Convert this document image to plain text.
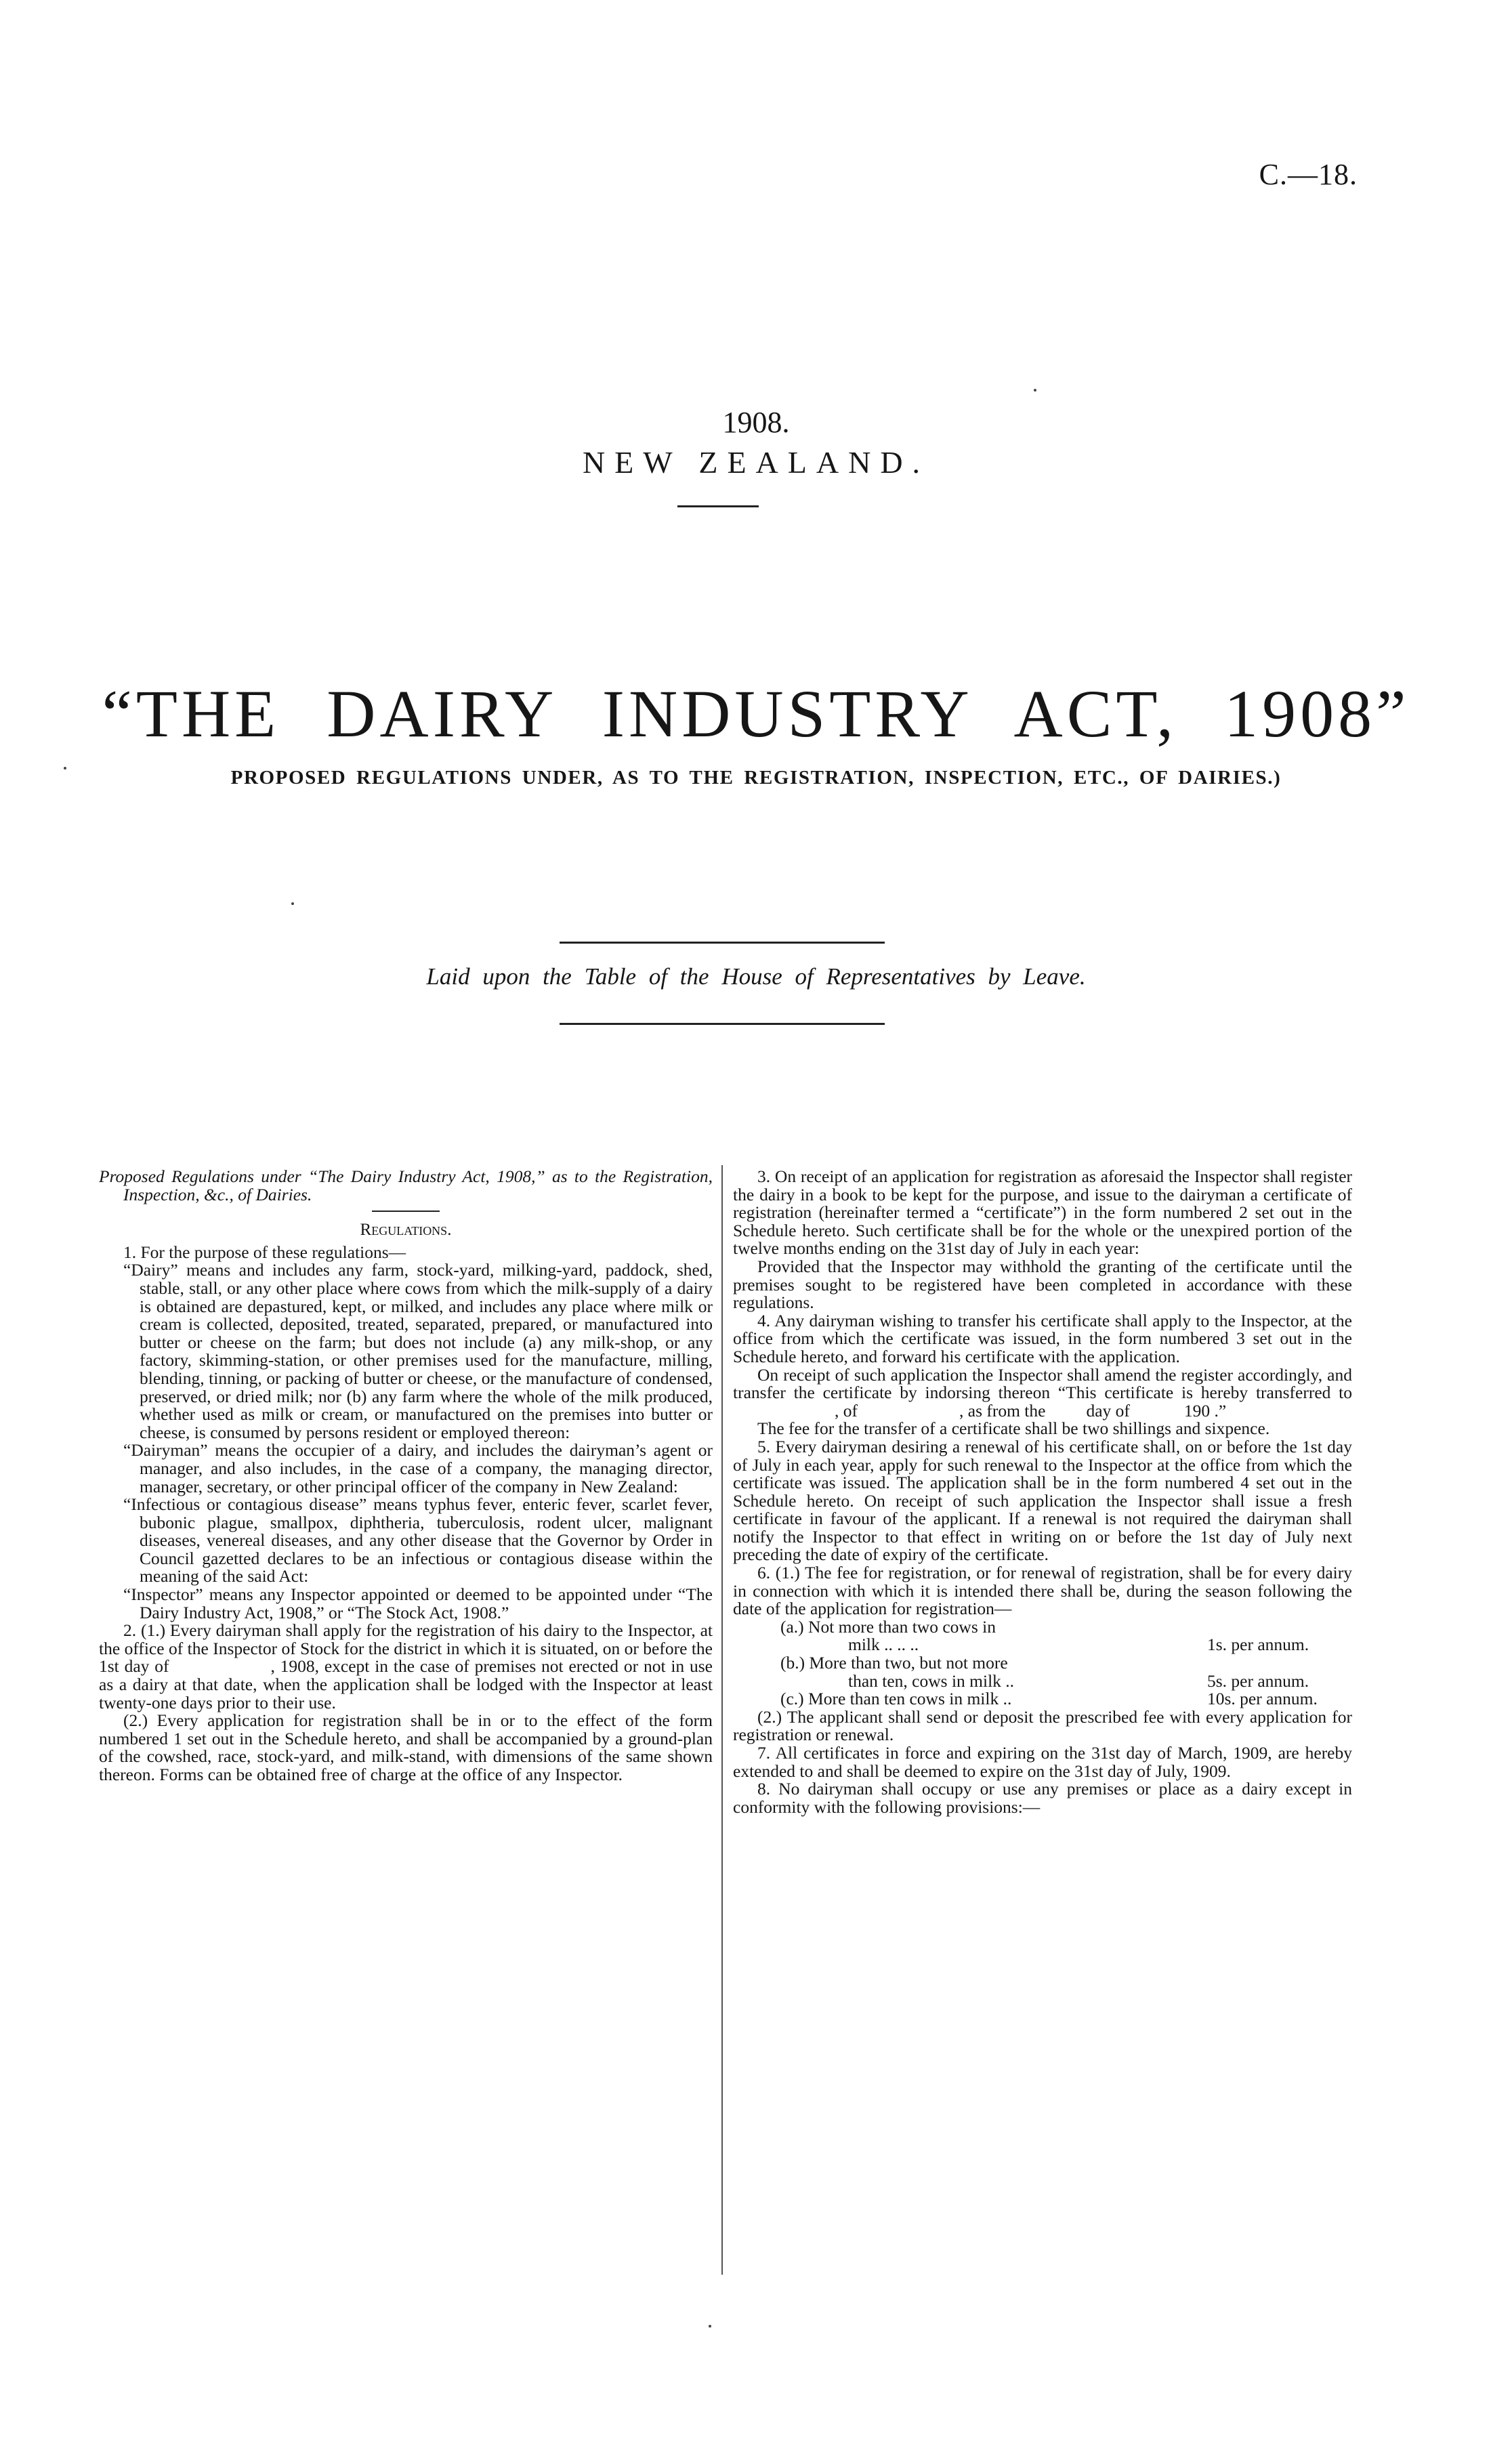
C.—18.
1908.
NEW ZEALAND.
“THE DAIRY INDUSTRY ACT, 1908”
PROPOSED REGULATIONS UNDER, AS TO THE REGISTRATION, INSPECTION, ETC., OF DAIRIES.)
Laid upon the Table of the House of Representatives by Leave.

Proposed Regulations under “The Dairy Industry Act, 1908,” as to the Registration, Inspection, &c., of Dairies.

Regulations.

1. For the purpose of these regulations—

“Dairy” means and includes any farm, stock-yard, milking-yard, paddock, shed, stable, stall, or any other place where cows from which the milk-supply of a dairy is obtained are depastured, kept, or milked, and includes any place where milk or cream is collected, deposited, treated, separated, prepared, or manufactured into butter or cheese on the farm; but does not include (a) any milk-shop, or any factory, skimming-station, or other premises used for the manufacture, milling, blending, tinning, or packing of butter or cheese, or the manufacture of condensed, preserved, or dried milk; nor (b) any farm where the whole of the milk produced, whether used as milk or cream, or manufactured on the premises into butter or cheese, is consumed by persons resident or employed thereon:

“Dairyman” means the occupier of a dairy, and includes the dairyman’s agent or manager, and also includes, in the case of a company, the managing director, manager, secretary, or other principal officer of the company in New Zealand:

“Infectious or contagious disease” means typhus fever, enteric fever, scarlet fever, bubonic plague, smallpox, diphtheria, tuberculosis, rodent ulcer, malignant diseases, venereal diseases, and any other disease that the Governor by Order in Council gazetted declares to be an infectious or contagious disease within the meaning of the said Act:

“Inspector” means any Inspector appointed or deemed to be appointed under “The Dairy Industry Act, 1908,” or “The Stock Act, 1908.”

2. (1.) Every dairyman shall apply for the registration of his dairy to the Inspector, at the office of the Inspector of Stock for the district in which it is situated, on or before the 1st day of	, 1908, except in the case of premises not erected or not in use as a dairy at that date, when the application shall be lodged with the Inspector at least twenty-one days prior to their use.

(2.) Every application for registration shall be in or to the effect of the form numbered 1 set out in the Schedule hereto, and shall be accompanied by a ground-plan of the cowshed, race, stock-yard, and milk-stand, with dimensions of the same shown thereon. Forms can be obtained free of charge at the office of any Inspector.

3. On receipt of an application for registration as aforesaid the Inspector shall register the dairy in a book to be kept for the purpose, and issue to the dairyman a certificate of registration (hereinafter termed a “certificate”) in the form numbered 2 set out in the Schedule hereto. Such certificate shall be for the whole or the unexpired portion of the twelve months ending on the 31st day of July in each year:

Provided that the Inspector may withhold the granting of the certificate until the premises sought to be registered have been completed in accordance with these regulations.

4. Any dairyman wishing to transfer his certificate shall apply to the Inspector, at the office from which the certificate was issued, in the form numbered 3 set out in the Schedule hereto, and forward his certificate with the application.

On receipt of such application the Inspector shall amend the register accordingly, and transfer the certificate by indorsing thereon “This certificate is hereby transferred to, of	, as from the day of	190 .”

The fee for the transfer of a certificate shall be two shillings and sixpence.

5. Every dairyman desiring a renewal of his certificate shall, on or before the 1st day of July in each year, apply for such renewal to the Inspector at the office from which the certificate was issued. The application shall be in the form numbered 4 set out in the Schedule hereto. On receipt of such application the Inspector shall issue a fresh certificate in favour of the applicant. If a renewal is not required the dairyman shall notify the Inspector to that effect in writing on or before the 1st day of July next preceding the date of expiry of the certificate.

6. (1.) The fee for registration, or for renewal of registration, shall be for every dairy in connection with which it is intended there shall be, during the season following the date of the application for registration—

(a.) Not more than two cows in
milk .. .. ..	1s. per annum.
(b.) More than two, but not more
than ten, cows in milk ..	5s. per annum.
(c.) More than ten cows in milk ..	10s. per annum.

(2.) The applicant shall send or deposit the prescribed fee with every application for registration or renewal.

7. All certificates in force and expiring on the 31st day of March, 1909, are hereby extended to and shall be deemed to expire on the 31st day of July, 1909.

8. No dairyman shall occupy or use any premises or place as a dairy except in conformity with the following provisions:—
